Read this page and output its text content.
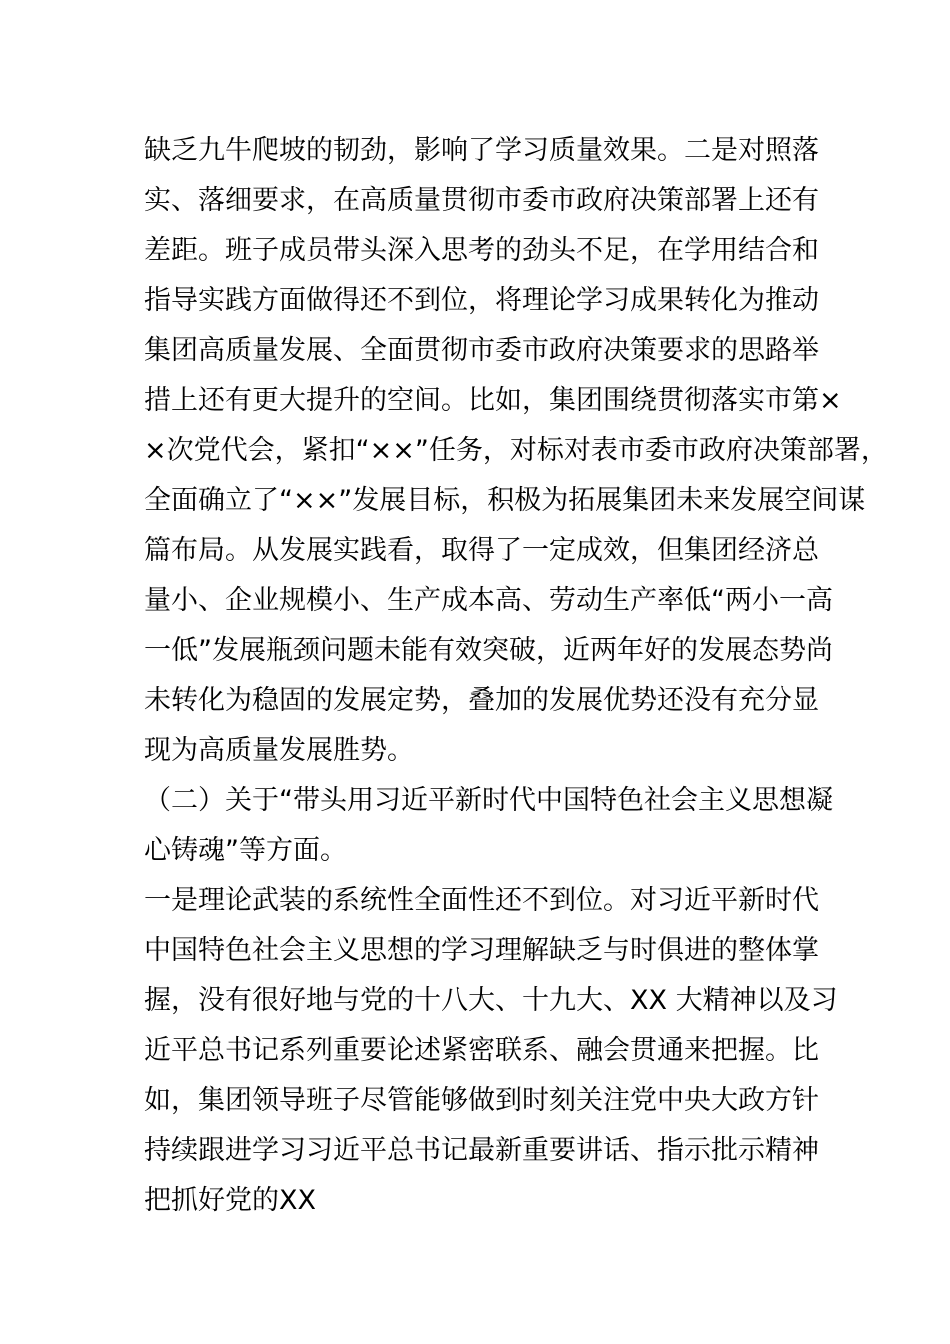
缺乏九牛爬坡的韧劲，影响了学习质量效果。二是对照落
实、落细要求，在高质量贯彻市委市政府决策部署上还有
差距。班子成员带头深入思考的劲头不足，在学用结合和
指导实践方面做得还不到位，将理论学习成果转化为推动
集团高质量发展、全面贯彻市委市政府决策要求的思路举
措上还有更大提升的空间。比如，集团围绕贯彻落实市第×
×次党代会，紧扣“××”任务，对标对表市委市政府决策部署，
全面确立了“××”发展目标，积极为拓展集团未来发展空间谋
篇布局。从发展实践看，取得了一定成效，但集团经济总
量小、企业规模小、生产成本高、劳动生产率低“两小一高
一低”发展瓶颈问题未能有效突破，近两年好的发展态势尚
未转化为稳固的发展定势，叠加的发展优势还没有充分显
现为高质量发展胜势。
（二）关于“带头用习近平新时代中国特色社会主义思想凝
心铸魂”等方面。
一是理论武装的系统性全面性还不到位。对习近平新时代
中国特色社会主义思想的学习理解缺乏与时俱进的整体掌
握，没有很好地与党的十八大、十九大、XX 大精神以及习
近平总书记系列重要论述紧密联系、融会贯通来把握。比
如，集团领导班子尽管能够做到时刻关注党中央大政方针
持续跟进学习习近平总书记最新重要讲话、指示批示精神
把抓好党的XX
